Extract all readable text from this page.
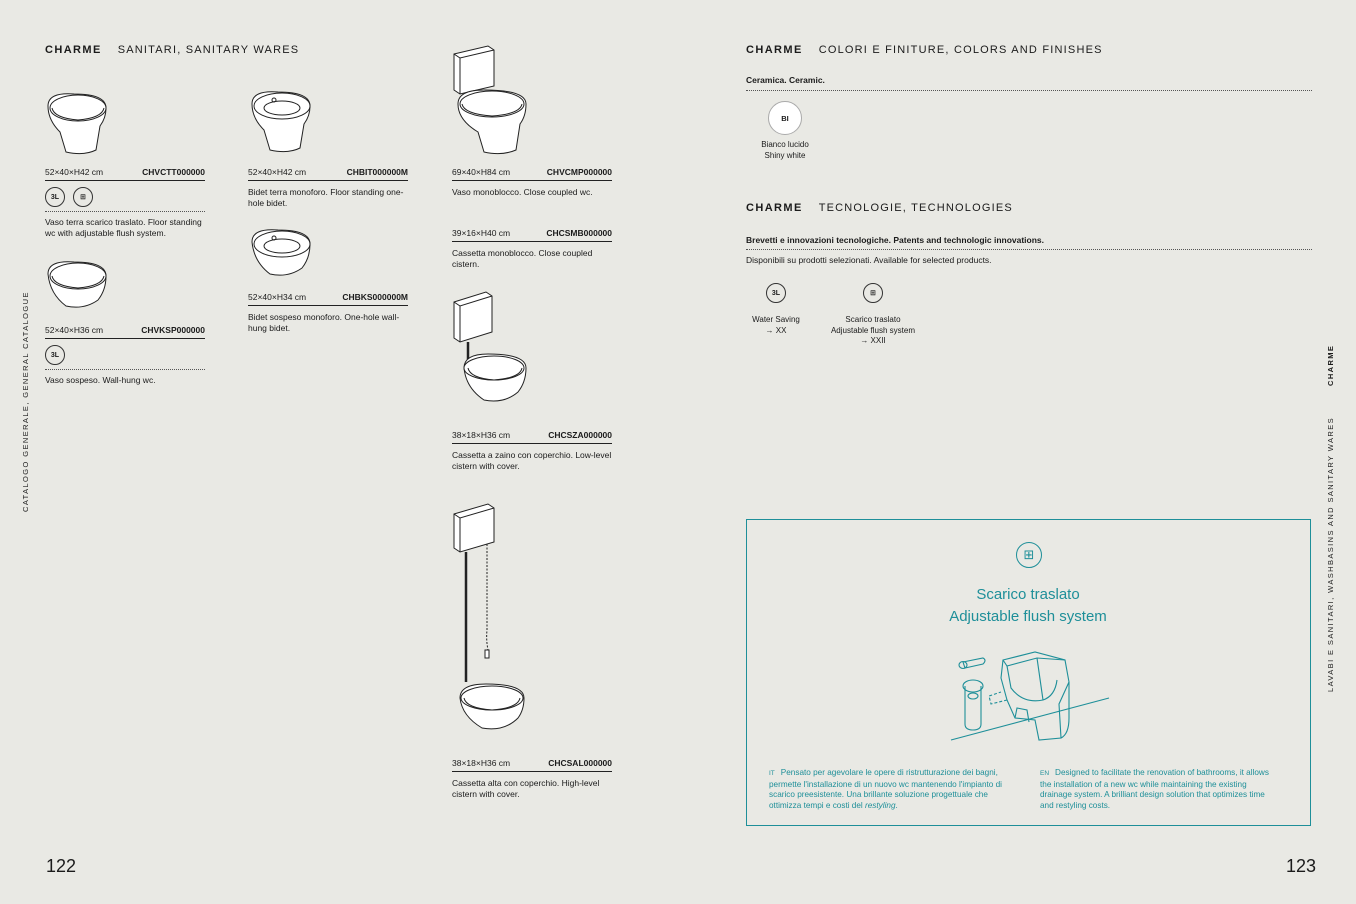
CATALOGO GENERALE, GENERAL CATALOGUE	CHARME
LAVABI E SANITARI, WASHBASINS AND SANITARY WARES
CHARME SANITARI, SANITARY WARES
52×40×H42 cm	CHVCTT000000
3L	⊞
Vaso terra scarico traslato. Floor standing wc with adjustable flush system.
52×40×H36 cm	CHVKSP000000
3L
Vaso sospeso. Wall-hung wc.
52×40×H42 cm	CHBIT000000M
Bidet terra monoforo. Floor standing one-hole bidet.
52×40×H34 cm	CHBKS000000M
Bidet sospeso monoforo. One-hole wall-hung bidet.
69×40×H84 cm	CHVCMP000000
Vaso monoblocco. Close coupled wc.
39×16×H40 cm	CHCSMB000000
Cassetta monoblocco. Close coupled cistern.
38×18×H36 cm	CHCSZA000000
Cassetta a zaino con coperchio. Low-level cistern with cover.
38×18×H36 cm	CHCSAL000000
Cassetta alta con coperchio. High-level cistern with cover.
122
CHARME COLORI E FINITURE, COLORS AND FINISHES
Ceramica. Ceramic.
BI
Bianco lucido
Shiny white
CHARME TECNOLOGIE, TECHNOLOGIES
Brevetti e innovazioni tecnologiche. Patents and technologic innovations.
Disponibili su prodotti selezionati. Available for selected products.
3L
Water Saving
→ XX
⊞
Scarico traslato
Adjustable flush system
→ XXII
⊞
Scarico traslato
Adjustable flush system
IT Pensato per agevolare le opere di ristrutturazione dei bagni, permette l'installazione di un nuovo wc mantenendo l'impianto di scarico preesistente. Una brillante soluzione progettuale che ottimizza tempi e costi del restyling.
EN Designed to facilitate the renovation of bathrooms, it allows the installation of a new wc while maintaining the existing drainage system. A brilliant design solution that optimizes time and restyling costs.
123
